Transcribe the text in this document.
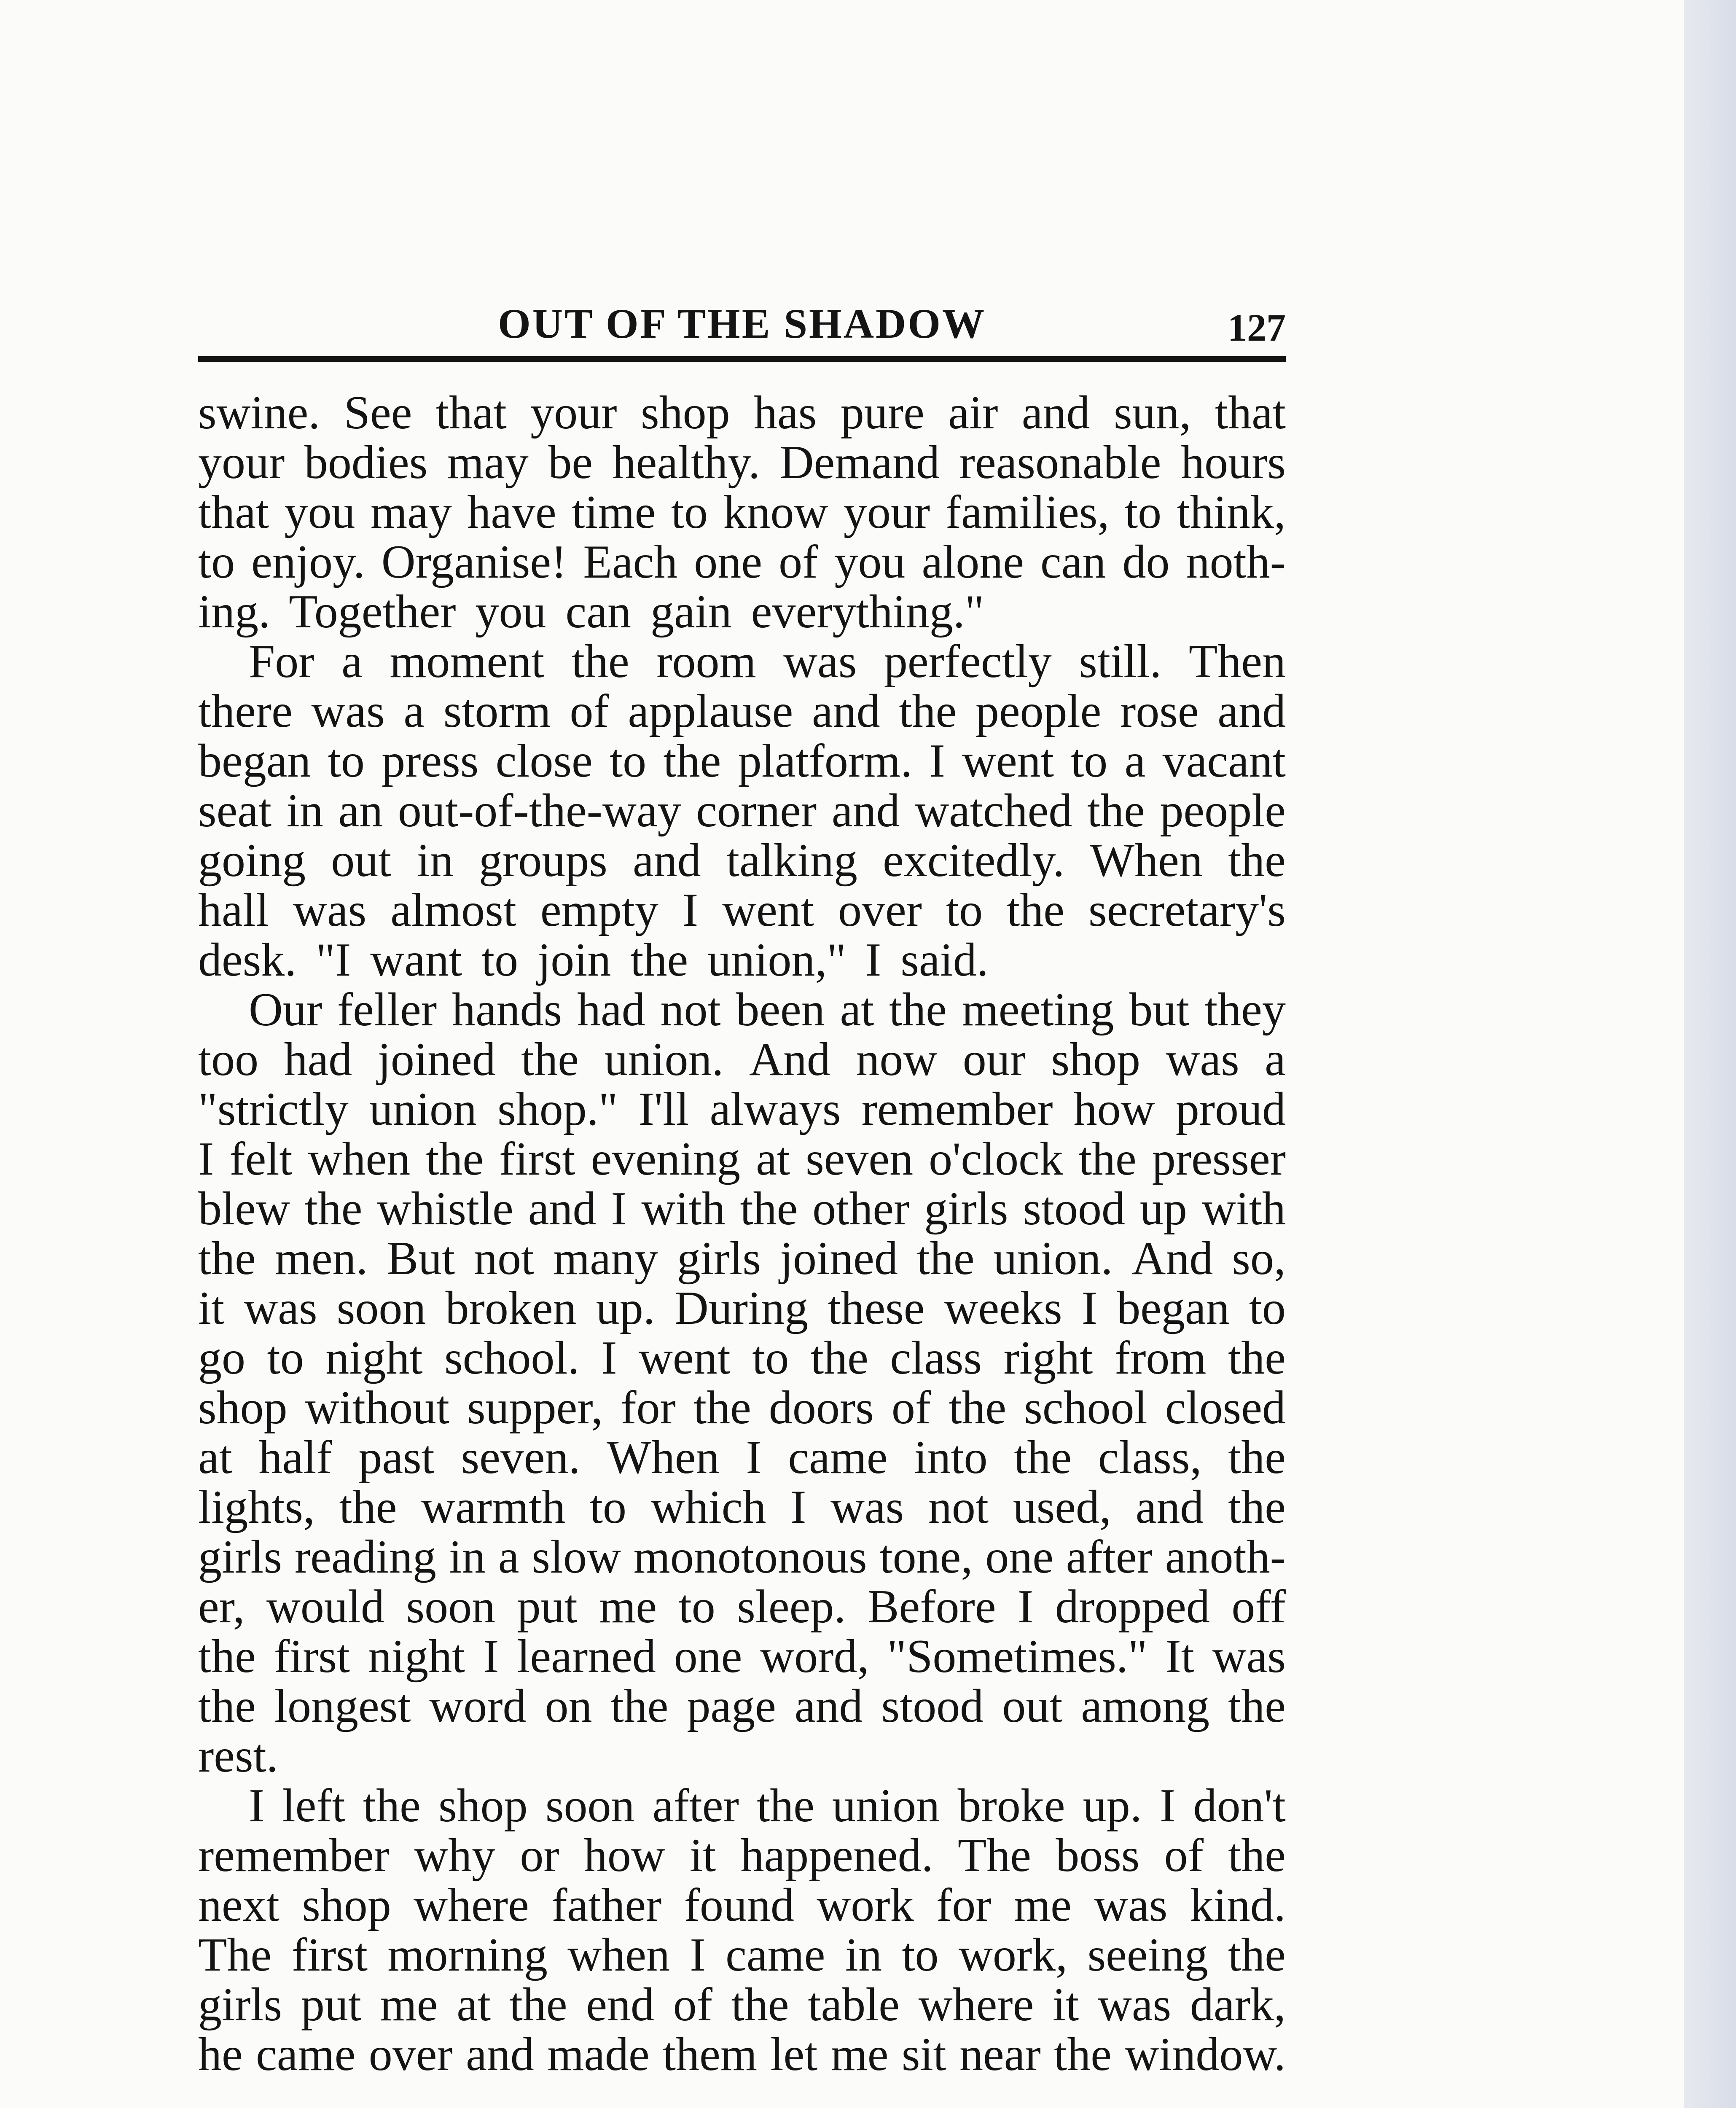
OUT OF THE SHADOW	127
swine. See that your shop has pure air and sun, that
your bodies may be healthy. Demand reasonable hours
that you may have time to know your families, to think,
to enjoy. Organise! Each one of you alone can do noth-
ing. Together you can gain everything."
For a moment the room was perfectly still. Then
there was a storm of applause and the people rose and
began to press close to the platform. I went to a vacant
seat in an out-of-the-way corner and watched the people
going out in groups and talking excitedly. When the
hall was almost empty I went over to the secretary's
desk. "I want to join the union," I said.
Our feller hands had not been at the meeting but they
too had joined the union. And now our shop was a
"strictly union shop." I'll always remember how proud
I felt when the first evening at seven o'clock the presser
blew the whistle and I with the other girls stood up with
the men. But not many girls joined the union. And so,
it was soon broken up. During these weeks I began to
go to night school. I went to the class right from the
shop without supper, for the doors of the school closed
at half past seven. When I came into the class, the
lights, the warmth to which I was not used, and the
girls reading in a slow monotonous tone, one after anoth-
er, would soon put me to sleep. Before I dropped off
the first night I learned one word, "Sometimes." It was
the longest word on the page and stood out among the
rest.
I left the shop soon after the union broke up. I don't
remember why or how it happened. The boss of the
next shop where father found work for me was kind.
The first morning when I came in to work, seeing the
girls put me at the end of the table where it was dark,
he came over and made them let me sit near the window.
